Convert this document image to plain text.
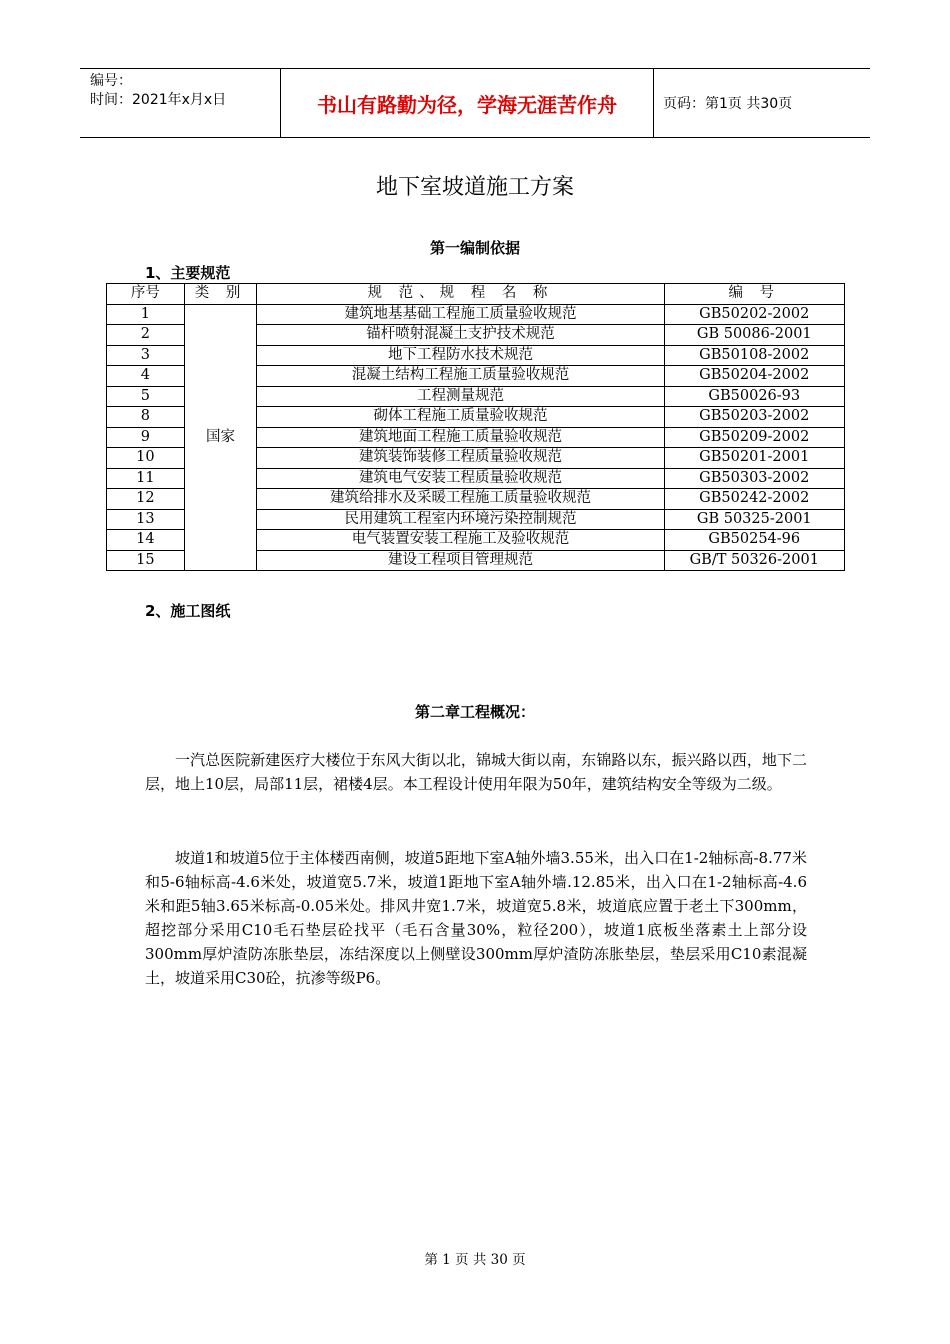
编号：
时间：2021年x月x日	书山有路勤为径，学海无涯苦作舟	页码：第1页 共30页
地下室坡道施工方案
第一编制依据
1、主要规范
序号	类 别	规 范、规 程 名 称	编 号
1	国家	建筑地基基础工程施工质量验收规范	GB50202-2002
2		锚杆喷射混凝土支护技术规范	GB 50086-2001
3		地下工程防水技术规范	GB50108-2002
4		混凝土结构工程施工质量验收规范	GB50204-2002
5		工程测量规范	GB50026-93
8		砌体工程施工质量验收规范	GB50203-2002
9		建筑地面工程施工质量验收规范	GB50209-2002
10		建筑装饰装修工程质量验收规范	GB50201-2001
11		建筑电气安装工程质量验收规范	GB50303-2002
12		建筑给排水及采暖工程施工质量验收规范	GB50242-2002
13		民用建筑工程室内环境污染控制规范	GB 50325-2001
14		电气装置安装工程施工及验收规范	GB50254-96
15		建设工程项目管理规范	GB/T 50326-2001
2、施工图纸
第二章工程概况：
一汽总医院新建医疗大楼位于东风大街以北，锦城大街以南，东锦路以东，振兴路以西，地下二层，地上10层，局部11层，裙楼4层。本工程设计使用年限为50年，建筑结构安全等级为二级。
坡道1和坡道5位于主体楼西南侧，坡道5距地下室A轴外墙3.55米，出入口在1-2轴标高-8.77米和5-6轴标高-4.6米处，坡道宽5.7米，坡道1距地下室A轴外墙.12.85米，出入口在1-2轴标高-4.6米和距5轴3.65米标高-0.05米处。排风井宽1.7米，坡道宽5.8米，坡道底应置于老土下300mm，超挖部分采用C10毛石垫层砼找平（毛石含量30%，粒径200），坡道1底板坐落素土上部分设300mm厚炉渣防冻胀垫层，冻结深度以上侧壁设300mm厚炉渣防冻胀垫层，垫层采用C10素混凝土，坡道采用C30砼，抗渗等级P6。
第 1 页 共 30 页
